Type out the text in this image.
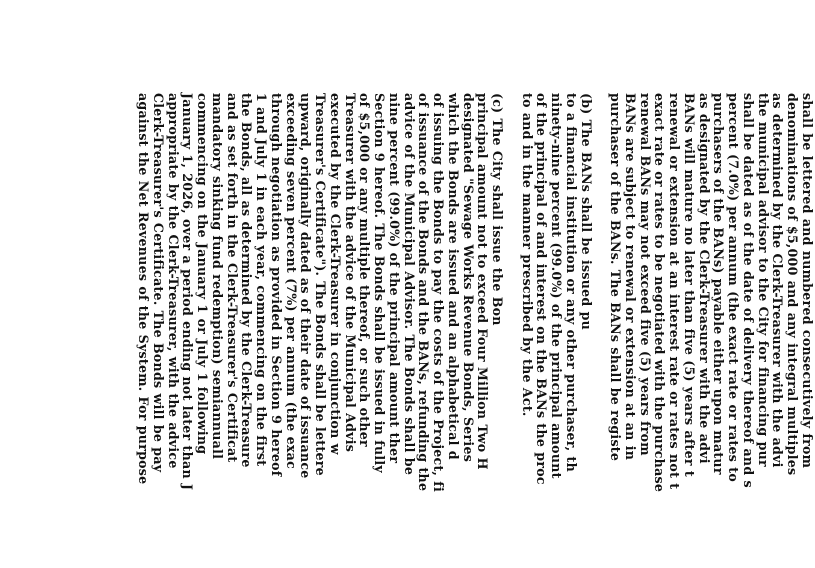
shall be lettered and numbered consecutively from
denominations of $5,000 and any integral multiples
as determined by the Clerk-Treasurer with the advi
the municipal advisor to the City for financing pur
shall be dated as of the date of delivery thereof and s
percent (7.0%) per annum (the exact rate or rates to
purchasers of the BANs) payable either upon matur
as designated by the Clerk-Treasurer with the advi
BANs will mature no later than five (5) years after t
renewal or extension at an interest rate or rates not t
exact rate or rates to be negotiated with the purchase
renewal BANs may not exceed five (5) years from
BANs are subject to renewal or extension at an in
purchaser of the BANs. The BANs shall be registe
(b) The BANs shall be issued pu
to a financial institution or any other purchaser, th
ninety-nine percent (99.0%) of the principal amount
of the principal of and interest on the BANs the proc
to and in the manner prescribed by the Act.
(c) The City shall issue the Bon
principal amount not to exceed Four Million Two H
designated "Sewage Works Revenue Bonds, Series
which the Bonds are issued and an alphabetical d
of issuing the Bonds to pay the costs of the Project, fi
of issuance of the Bonds and the BANs, refunding the
advice of the Municipal Advisor. The Bonds shall be
nine percent (99.0%) of the principal amount ther
Section 9 hereof. The Bonds shall be issued in fully
of $5,000 or any multiple thereof, or such other
Treasurer with the advice of the Municipal Advis
executed by the Clerk-Treasurer in conjunction w
Treasurer's Certificate"). The Bonds shall be lettere
upward, originally dated as of their date of issuance
exceeding seven percent (7%) per annum (the exac
through negotiation as provided in Section 9 hereof
1 and July 1 in each year, commencing on the first
the Bonds, all as determined by the Clerk-Treasure
and as set forth in the Clerk-Treasurer's Certificat
mandatory sinking fund redemption) semiannuall
commencing on the January 1 or July 1 following
January 1, 2026, over a period ending not later than J
appropriate by the Clerk-Treasurer, with the advice
Clerk-Treasurer's Certificate. The Bonds will be pay
against the Net Revenues of the System. For purpose
